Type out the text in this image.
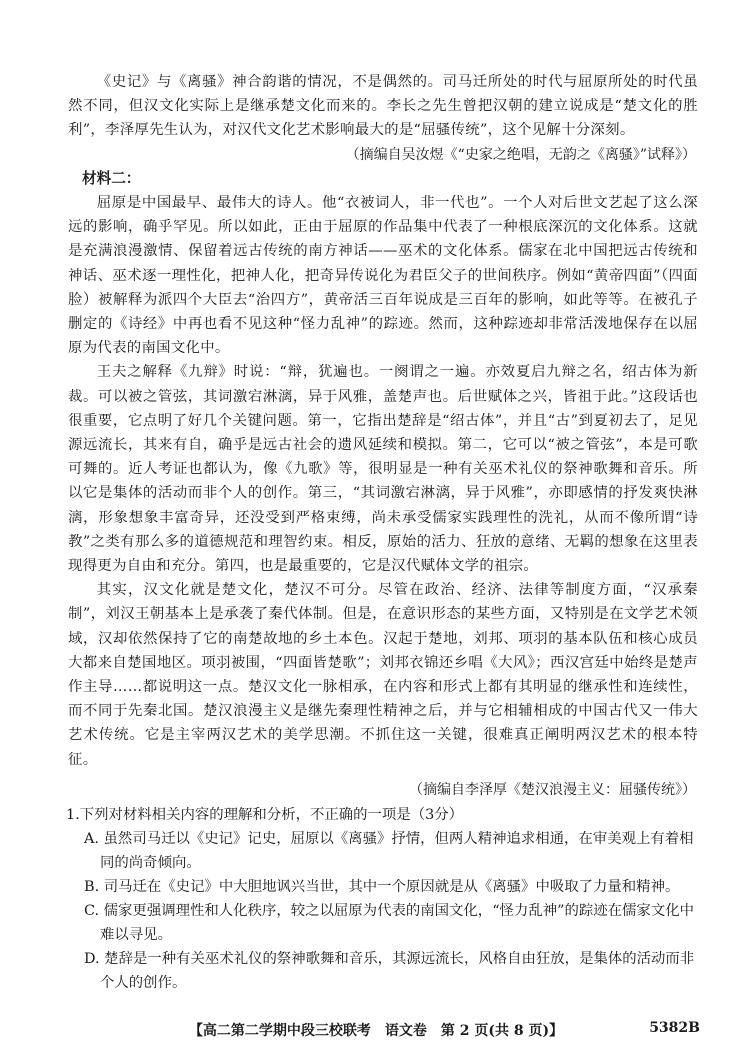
《史记》与《离骚》神合韵谐的情况，不是偶然的。司马迁所处的时代与屈原所处的时代虽然不同，但汉文化实际上是继承楚文化而来的。李长之先生曾把汉朝的建立说成是“楚文化的胜利”，李泽厚先生认为，对汉代文化艺术影响最大的是“屈骚传统”，这个见解十分深刻。

（摘编自吴汝煜《“史家之绝唱，无韵之《离骚》”试释》）

材料二：

屈原是中国最早、最伟大的诗人。他“衣被词人，非一代也”。一个人对后世文艺起了这么深远的影响，确乎罕见。所以如此，正由于屈原的作品集中代表了一种根底深沉的文化体系。这就是充满浪漫激情、保留着远古传统的南方神话——巫术的文化体系。儒家在北中国把远古传统和神话、巫术逐一理性化，把神人化，把奇异传说化为君臣父子的世间秩序。例如“黄帝四面”（四面脸）被解释为派四个大臣去“治四方”，黄帝活三百年说成是三百年的影响，如此等等。在被孔子删定的《诗经》中再也看不见这种“怪力乱神”的踪迹。然而，这种踪迹却非常活泼地保存在以屈原为代表的南国文化中。

王夫之解释《九辩》时说：“辩，犹遍也。一阕谓之一遍。亦效夏启九辩之名，绍古体为新裁。可以被之管弦，其词激宕淋漓，异于风雅，盖楚声也。后世赋体之兴，皆祖于此。”这段话也很重要，它点明了好几个关键问题。第一，它指出楚辞是“绍古体”，并且“古”到夏初去了，足见源远流长，其来有自，确乎是远古社会的遗风延续和模拟。第二，它可以“被之管弦”，本是可歌可舞的。近人考证也都认为，像《九歌》等，很明显是一种有关巫术礼仪的祭神歌舞和音乐。所以它是集体的活动而非个人的创作。第三，“其词激宕淋漓，异于风雅”，亦即感情的抒发爽快淋漓，形象想象丰富奇异，还没受到严格束缚，尚未承受儒家实践理性的洗礼，从而不像所谓“诗教”之类有那么多的道德规范和理智约束。相反，原始的活力、狂放的意绪、无羁的想象在这里表现得更为自由和充分。第四，也是最重要的，它是汉代赋体文学的祖宗。

其实，汉文化就是楚文化，楚汉不可分。尽管在政治、经济、法律等制度方面，“汉承秦制”，刘汉王朝基本上是承袭了秦代体制。但是，在意识形态的某些方面，又特别是在文学艺术领域，汉却依然保持了它的南楚故地的乡土本色。汉起于楚地，刘邦、项羽的基本队伍和核心成员大都来自楚国地区。项羽被围，“四面皆楚歌”；刘邦衣锦还乡唱《大风》；西汉宫廷中始终是楚声作主导……都说明这一点。楚汉文化一脉相承，在内容和形式上都有其明显的继承性和连续性，而不同于先秦北国。楚汉浪漫主义是继先秦理性精神之后，并与它相辅相成的中国古代又一伟大艺术传统。它是主宰两汉艺术的美学思潮。不抓住这一关键，很难真正阐明两汉艺术的根本特征。

（摘编自李泽厚《楚汉浪漫主义：屈骚传统》）

1.下列对材料相关内容的理解和分析，不正确的一项是（3分）

A. 虽然司马迁以《史记》记史，屈原以《离骚》抒情，但两人精神追求相通，在审美观上有着相同的尚奇倾向。

B. 司马迁在《史记》中大胆地讽兴当世，其中一个原因就是从《离骚》中吸取了力量和精神。

C. 儒家更强调理性和人化秩序，较之以屈原为代表的南国文化，“怪力乱神”的踪迹在儒家文化中难以寻见。

D. 楚辞是一种有关巫术礼仪的祭神歌舞和音乐，其源远流长，风格自由狂放，是集体的活动而非个人的创作。

【高二第二学期中段三校联考　语文卷　第 2 页(共 8 页)】	5382B
